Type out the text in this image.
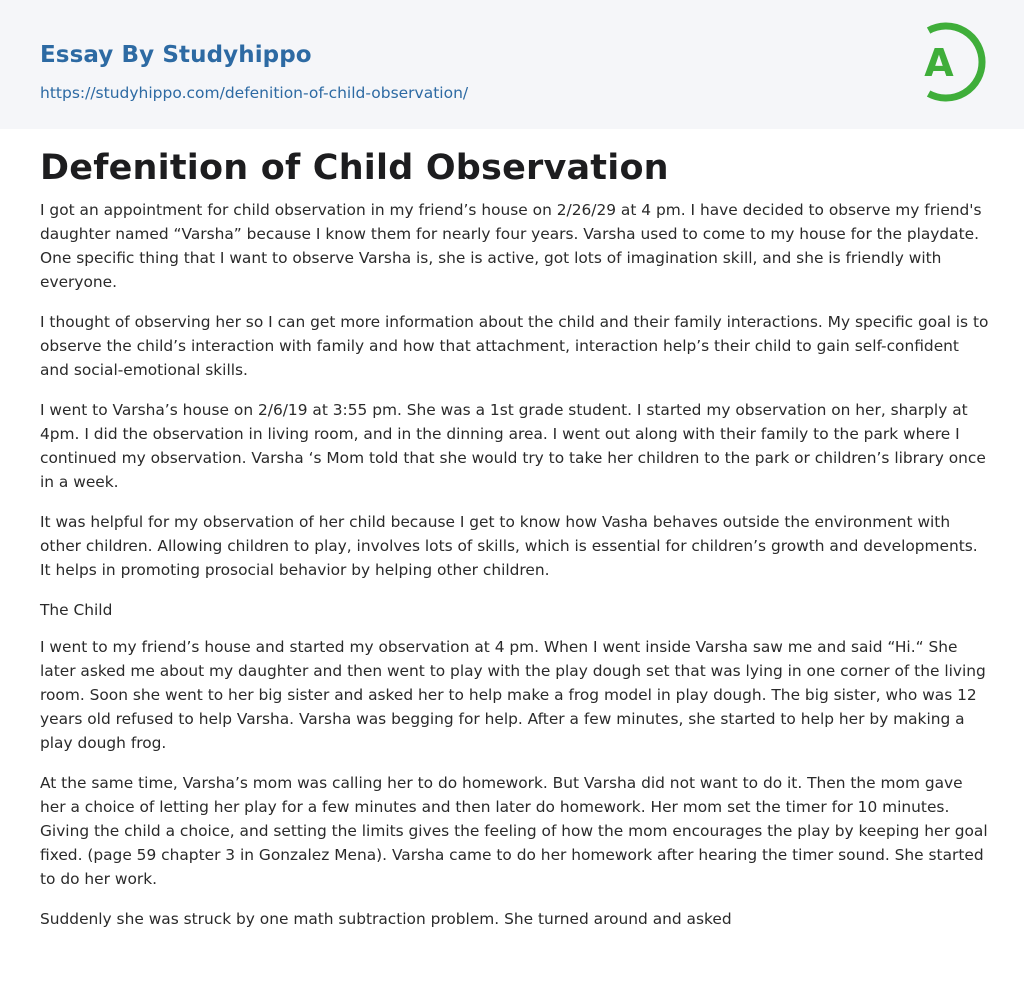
Essay By Studyhippo
https://studyhippo.com/defenition-of-child-observation/
A
Defenition of Child Observation

I got an appointment for child observation in my friend’s house on 2/26/29 at 4 pm. I have decided to observe my friend's daughter named “Varsha” because I know them for nearly four years. Varsha used to come to my house for the playdate. One specific thing that I want to observe Varsha is, she is active, got lots of imagination skill, and she is friendly with everyone.

I thought of observing her so I can get more information about the child and their family interactions. My specific goal is to observe the child’s interaction with family and how that attachment, interaction help’s their child to gain self-confident and social-emotional skills.

I went to Varsha’s house on 2/6/19 at 3:55 pm. She was a 1st grade student. I started my observation on her, sharply at 4pm. I did the observation in living room, and in the dinning area. I went out along with their family to the park where I continued my observation. Varsha ‘s Mom told that she would try to take her children to the park or children’s library once in a week.

It was helpful for my observation of her child because I get to know how Vasha behaves outside the environment with other children. Allowing children to play, involves lots of skills, which is essential for children’s growth and developments. It helps in promoting prosocial behavior by helping other children.

The Child

I went to my friend’s house and started my observation at 4 pm. When I went inside Varsha saw me and said “Hi.“ She later asked me about my daughter and then went to play with the play dough set that was lying in one corner of the living room. Soon she went to her big sister and asked her to help make a frog model in play dough. The big sister, who was 12 years old refused to help Varsha. Varsha was begging for help. After a few minutes, she started to help her by making a play dough frog.

At the same time, Varsha’s mom was calling her to do homework. But Varsha did not want to do it. Then the mom gave her a choice of letting her play for a few minutes and then later do homework. Her mom set the timer for 10 minutes. Giving the child a choice, and setting the limits gives the feeling of how the mom encourages the play by keeping her goal fixed. (page 59 chapter 3 in Gonzalez Mena). Varsha came to do her homework after hearing the timer sound. She started to do her work.

Suddenly she was struck by one math subtraction problem. She turned around and asked
